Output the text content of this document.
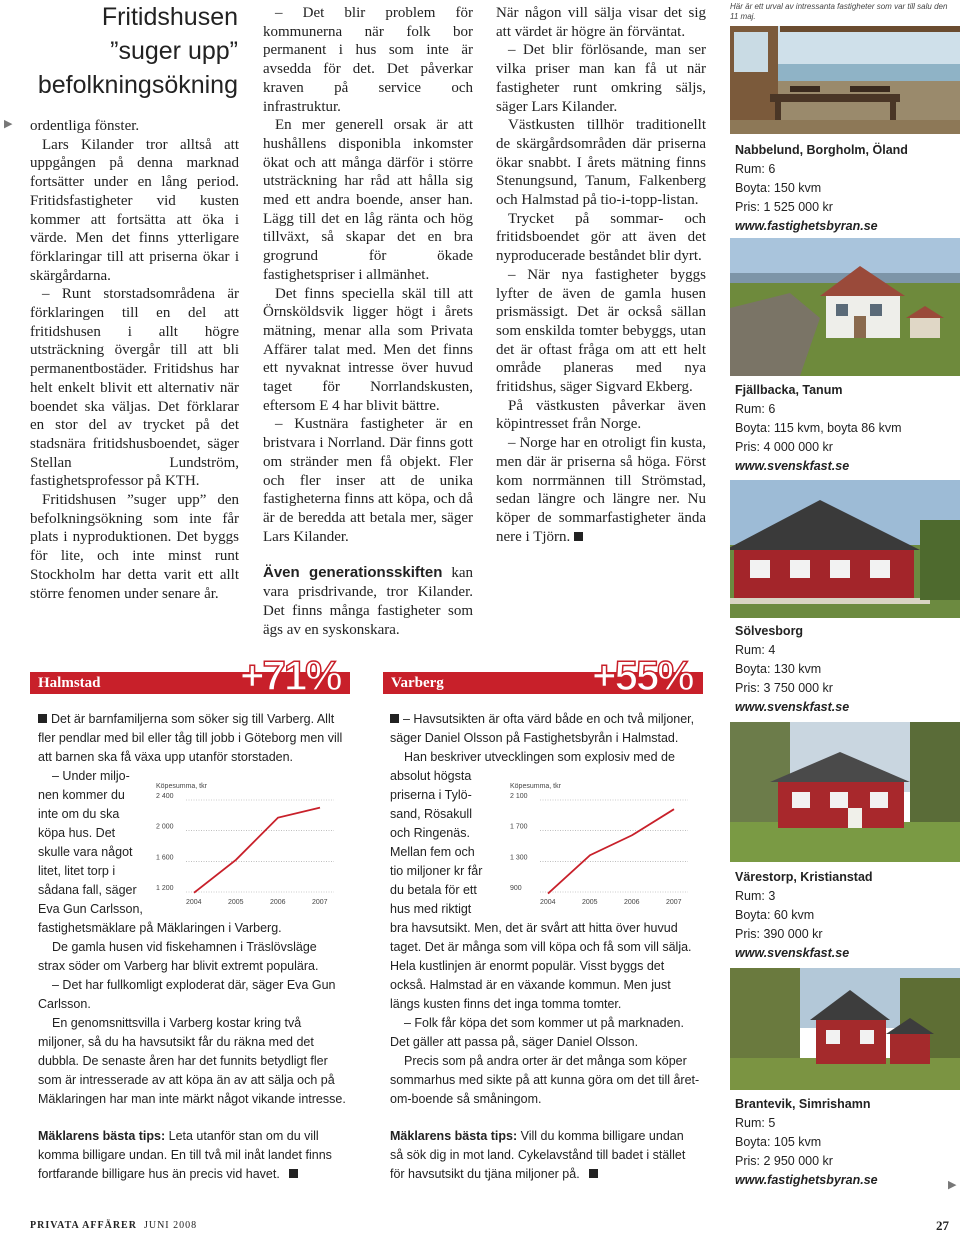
Fritidshusen
”suger upp”
befolkningsökning
▶ ordentliga fönster.

Lars Kilander tror alltså att uppgången på denna marknad fortsätter under en lång period. Fritidsfastigheter vid kusten kommer att fortsätta att öka i värde. Men det finns ytterligare förklaringar till att priserna ökar i skärgårdarna.

– Runt storstadsområdena är förklaringen till en del att fritidshusen i allt högre utsträckning övergår till att bli permanentbostäder. Fritidshus har helt enkelt blivit ett alternativ när boendet ska väljas. Det förklarar en stor del av trycket på det stadsnära fritidshusboendet, säger Stellan Lundström, fastighetsprofessor på KTH.

Fritidshusen ”suger upp” den befolkningsökning som inte får plats i nyproduktionen. Det byggs för lite, och inte minst runt Stockholm har detta varit ett allt större fenomen under senare år.

– Det blir problem för kommunerna när folk bor permanent i hus som inte är avsedda för det. Det påverkar kraven på service och infrastruktur.

En mer generell orsak är att hushållens disponibla inkomster ökat och att många därför i större utsträckning har råd att hålla sig med ett andra boende, anser han. Lägg till det en låg ränta och hög tillväxt, så skapar det en bra grogrund för ökade fastighetspriser i allmänhet.

Det finns speciella skäl till att Örnsköldsvik ligger högt i årets mätning, menar alla som Privata Affärer talat med. Men det finns ett nyvaknat intresse över huvud taget för Norrlandskusten, eftersom E 4 har blivit bättre.

– Kustnära fastigheter är en bristvara i Norrland. Där finns gott om stränder men få objekt. Fler och fler inser att de unika fastigheterna finns att köpa, och då är de beredda att betala mer, säger Lars Kilander.

Även generationsskiften kan vara prisdrivande, tror Kilander. Det finns många fastigheter som ägs av en syskonskara.

När någon vill sälja visar det sig att värdet är högre än förväntat.

– Det blir förlösande, man ser vilka priser man kan få ut när fastigheter runt omkring säljs, säger Lars Kilander.

Västkusten tillhör traditionellt de skärgårdsområden där priserna ökar snabbt. I årets mätning finns Stenungsund, Tanum, Falkenberg och Halmstad på tio-i-topp-listan.

Trycket på sommar- och fritidsboendet gör att även det nyproducerade beståndet blir dyrt.

– När nya fastigheter byggs lyfter de även de gamla husen prismässigt. Det är också sällan som enskilda tomter bebyggs, utan det är oftast fråga om att ett helt område planeras med nya fritidshus, säger Sigvard Ekberg.

På västkusten påverkar även köpintresset från Norge.

– Norge har en otroligt fin kusta, men där är priserna så höga. Först kom norrmännen till Strömstad, sedan längre och längre ner. Nu köper de sommarfastigheter ända nere i Tjörn.

Här är ett urval av intressanta fastigheter som var till salu den 11 maj.
Nabbelund, Borgholm, Öland
Rum: 6
Boyta: 150 kvm
Pris: 1 525 000 kr
www.fastighetsbyran.se
Fjällbacka, Tanum
Rum: 6
Boyta: 115 kvm, boyta 86 kvm
Pris: 4 000 000 kr
www.svenskfast.se
Sölvesborg
Rum: 4
Boyta: 130 kvm
Pris: 3 750 000 kr
www.svenskfast.se
Värestorp, Kristianstad
Rum: 3
Boyta: 60 kvm
Pris: 390 000 kr
www.svenskfast.se
Brantevik, Simrishamn
Rum: 5
Boyta: 105 kvm
Pris: 2 950 000 kr
www.fastighetsbyran.se	▶
Halmstad	+71%

Det är barnfamiljerna som söker sig till Varberg. Allt fler pendlar med bil eller tåg till jobb i Göteborg men vill att barnen ska få växa upp utanför storstaden.

– Under miljo-
nen kommer du
inte om du ska
köpa hus. Det
skulle vara något
litet, litet torp i
sådana fall, säger
Eva Gun Carlsson,

fastighetsmäklare på Mäklaringen i Varberg.

De gamla husen vid fiskehamnen i Träslövsläge strax söder om Varberg har blivit extremt populära.

– Det har fullkomligt exploderat där, säger Eva Gun Carlsson.

En genomsnittsvilla i Varberg kostar kring två miljoner, så du ha havsutsikt får du räkna med det dubbla. De senaste åren har det funnits betydligt fler som är intresserade av att köpa än av att sälja och på Mäklaringen har man inte märkt något vikande intresse.

Mäklarens bästa tips: Leta utanför stan om du vill komma billigare undan. En till två mil inåt landet finns fortfarande billigare hus än precis vid havet.

Köpesumma, tkr
2 400
2 000
1 600
1 200
2004	2005	2006	2007
Varberg	+55%

– Havsutsikten är ofta värd både en och två miljoner, säger Daniel Olsson på Fastighetsbyrån i Halmstad.

Han beskriver utvecklingen som explosiv med de
absolut högsta
priserna i Tylö-
sand, Rösakull
och Ringenäs.
Mellan fem och
tio miljoner kr får
du betala för ett
hus med riktigt

bra havsutsikt. Men, det är svårt att hitta över huvud taget. Det är många som vill köpa och få som vill sälja. Hela kustlinjen är enormt populär. Visst byggs det också. Halmstad är en växande kommun. Men just längs kusten finns det inga tomma tomter.

– Folk får köpa det som kommer ut på marknaden. Det gäller att passa på, säger Daniel Olsson.

Precis som på andra orter är det många som köper sommarhus med sikte på att kunna göra om det till året-om-boende så småningom.

Mäklarens bästa tips: Vill du komma billigare undan så sök dig in mot land. Cykelavstånd till badet i stället för havsutsikt du tjäna miljoner på.

Köpesumma, tkr
2 100
1 700
1 300
900
2004	2005	2006	2007
PRIVATA AFFÄRER JUNI 2008	27
